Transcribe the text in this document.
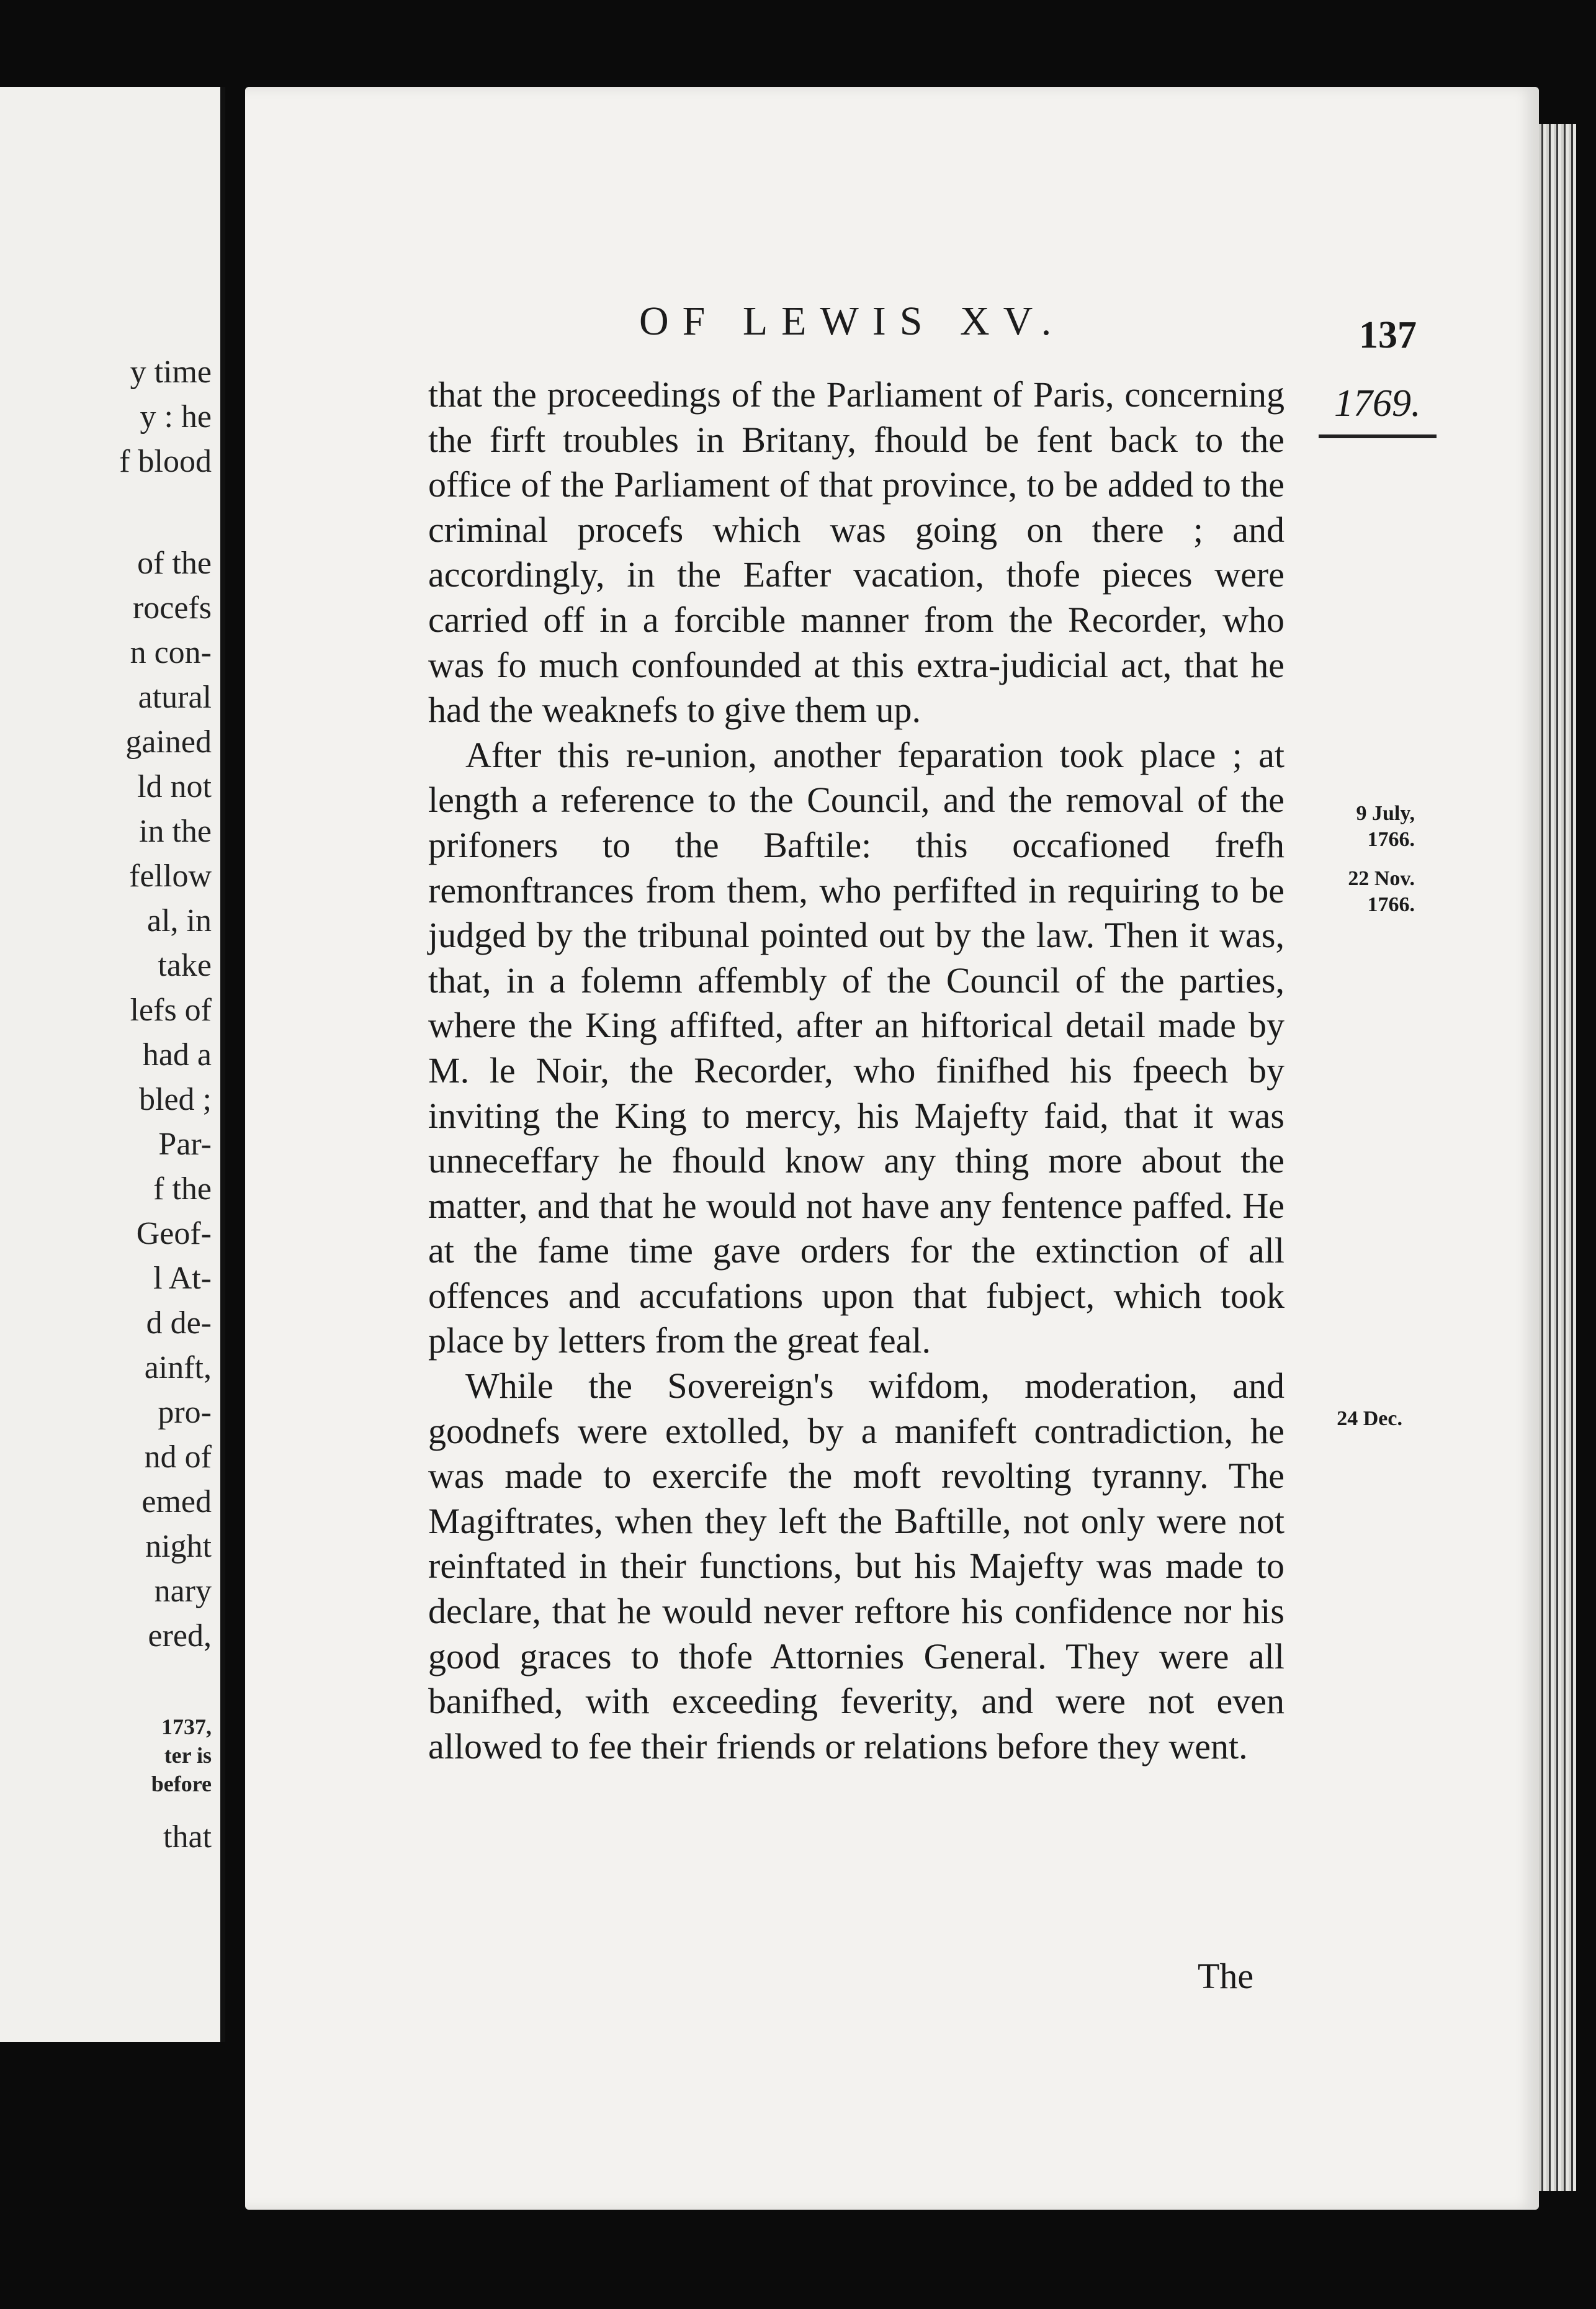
y time
y : he
f blood
of the
rocefs
n con-
atural
gained
ld not
in the
fellow
al, in
take
lefs of
had a
bled ;
Par-
f the
Geof-
l At-
d de-
ainft,
pro-
nd of
emed
night
nary
ered,
1737,
ter is
before
that
OF LEWIS XV.	137
1769.

that the proceedings of the Parliament of Paris, concerning the firft troubles in Britany, fhould be fent back to the office of the Parliament of that province, to be added to the criminal procefs which was going on there ; and accordingly, in the Eafter vacation, thofe pieces were carried off in a forcible manner from the Recorder, who was fo much confounded at this extra-judicial act, that he had the weaknefs to give them up.

After this re-union, another feparation took place ; at length a reference to the Council, and the removal of the prifoners to the Baftile: this occafioned frefh remonftrances from them, who perfifted in requiring to be judged by the tribunal pointed out by the law. Then it was, that, in a folemn affembly of the Council of the parties, where the King affifted, after an hiftorical detail made by M. le Noir, the Recorder, who finifhed his fpeech by inviting the King to mercy, his Majefty faid, that it was unneceffary he fhould know any thing more about the matter, and that he would not have any fentence paffed. He at the fame time gave orders for the extinction of all offences and accufations upon that fubject, which took place by letters from the great feal.

While the Sovereign's wifdom, moderation, and goodnefs were extolled, by a manifeft contradiction, he was made to exercife the moft revolting tyranny. The Magiftrates, when they left the Baftille, not only were not reinftated in their functions, but his Majefty was made to declare, that he would never reftore his confidence nor his good graces to thofe Attornies General. They were all banifhed, with exceeding feverity, and were not even allowed to fee their friends or relations before they went.

9 July,
1766.
22 Nov.
1766.
24 Dec.
The
